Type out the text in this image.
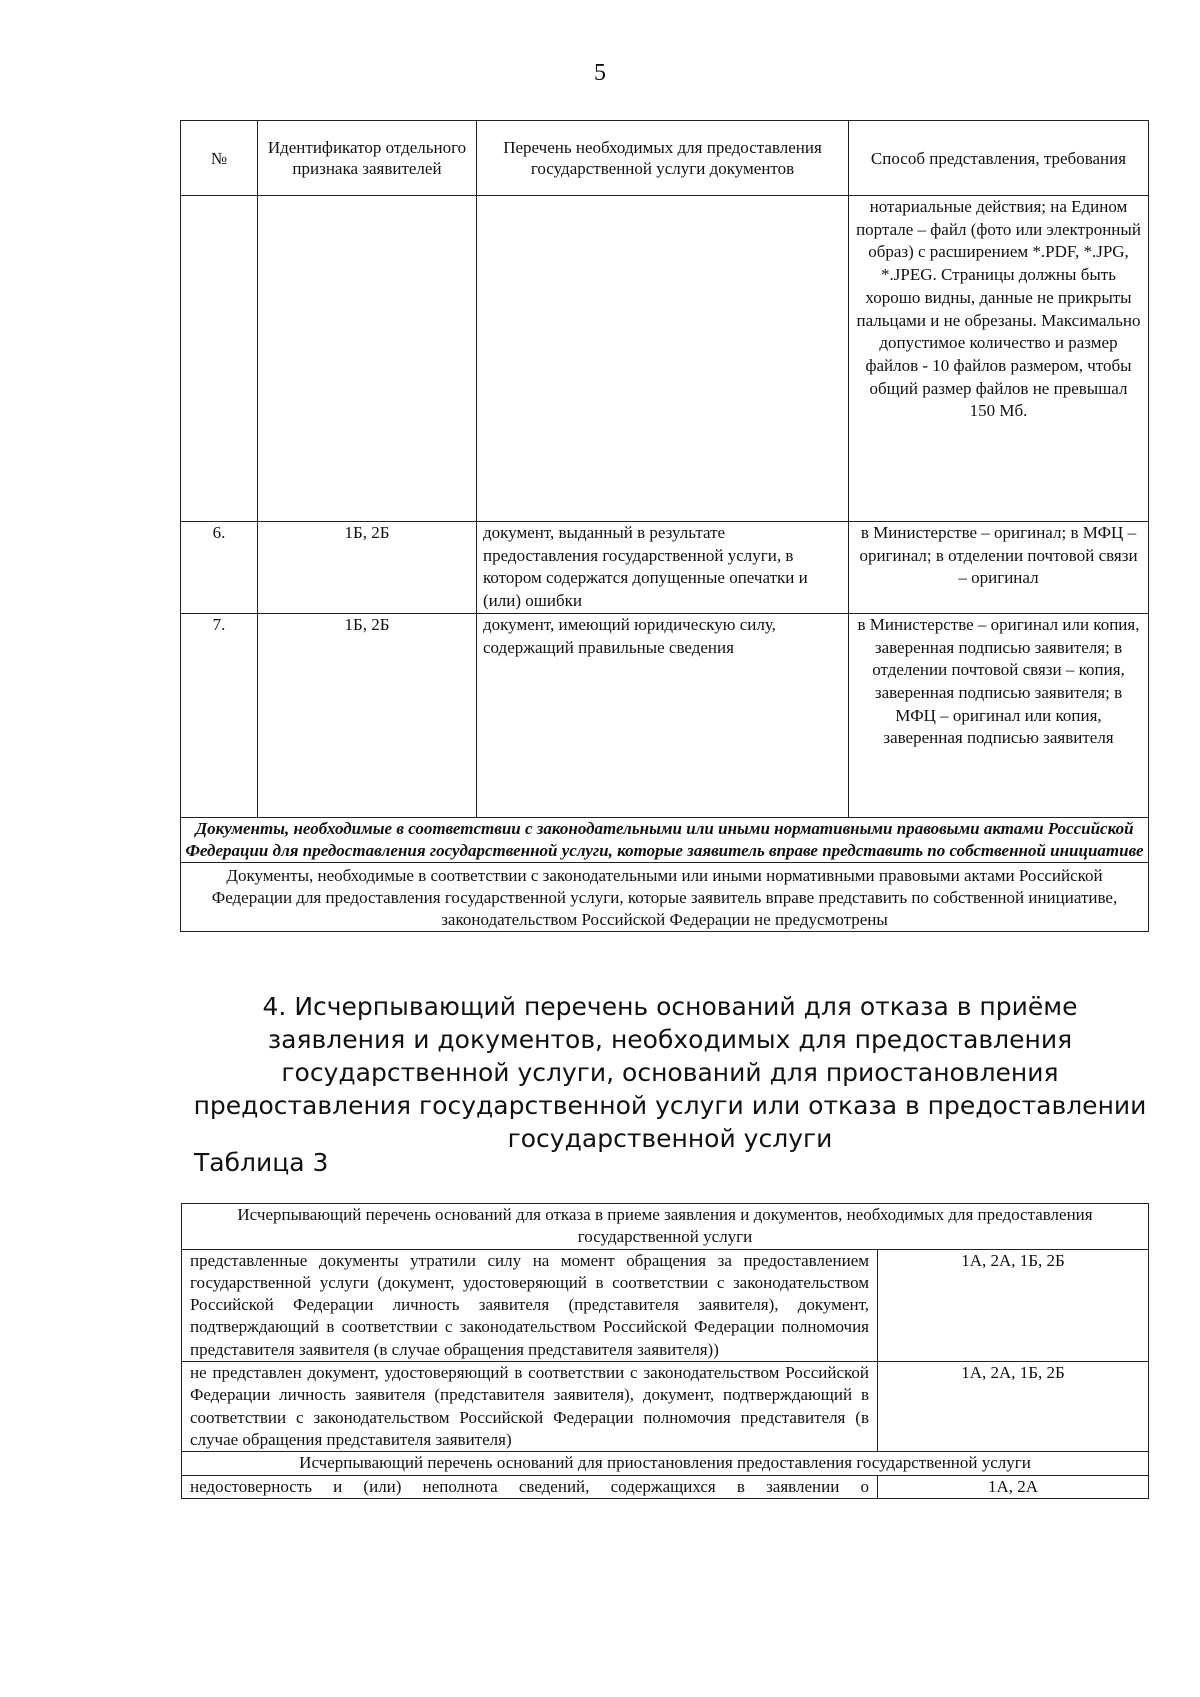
5
№	Идентификатор отдельного признака заявителей	Перечень необходимых для предоставления государственной услуги документов	Способ представления, требования
			нотариальные действия; на Едином портале – файл (фото или электронный образ) с расширением *.PDF, *.JPG, *.JPEG. Страницы должны быть хорошо видны, данные не прикрыты пальцами и не обрезаны. Максимально допустимое количество и размер файлов - 10 файлов размером, чтобы общий размер файлов не превышал 150 Мб.
6.	1Б, 2Б	документ, выданный в результате предоставления государственной услуги, в котором содержатся допущенные опечатки и (или) ошибки	в Министерстве – оригинал; в МФЦ – оригинал; в отделении почтовой связи – оригинал
7.	1Б, 2Б	документ, имеющий юридическую силу, содержащий правильные сведения	в Министерстве – оригинал или копия, заверенная подписью заявителя; в отделении почтовой связи – копия, заверенная подписью заявителя; в МФЦ – оригинал или копия, заверенная подписью заявителя
Документы, необходимые в соответствии с законодательными или иными нормативными правовыми актами Российской Федерации для предоставления государственной услуги, которые заявитель вправе представить по собственной инициативе			
Документы, необходимые в соответствии с законодательными или иными нормативными правовыми актами Российской Федерации для предоставления государственной услуги, которые заявитель вправе представить по собственной инициативе, законодательством Российской Федерации не предусмотрены			
4. Исчерпывающий перечень оснований для отказа в приёме заявления и документов, необходимых для предоставления государственной услуги, оснований для приостановления предоставления государственной услуги или отказа в предоставлении государственной услуги
Таблица 3
Исчерпывающий перечень оснований для отказа в приеме заявления и документов, необходимых для предоставления государственной услуги	
представленные документы утратили силу на момент обращения за предоставлением государственной услуги (документ, удостоверяющий в соответствии с законодательством Российской Федерации личность заявителя (представителя заявителя), документ, подтверждающий в соответствии с законодательством Российской Федерации полномочия представителя заявителя (в случае обращения представителя заявителя))	1А, 2А, 1Б, 2Б
не представлен документ, удостоверяющий в соответствии с законодательством Российской Федерации личность заявителя (представителя заявителя), документ, подтверждающий в соответствии с законодательством Российской Федерации полномочия представителя (в случае обращения представителя заявителя)	1А, 2А, 1Б, 2Б
Исчерпывающий перечень оснований для приостановления предоставления государственной услуги	
недостоверность и (или) неполнота сведений, содержащихся в заявлении о	1А, 2А
